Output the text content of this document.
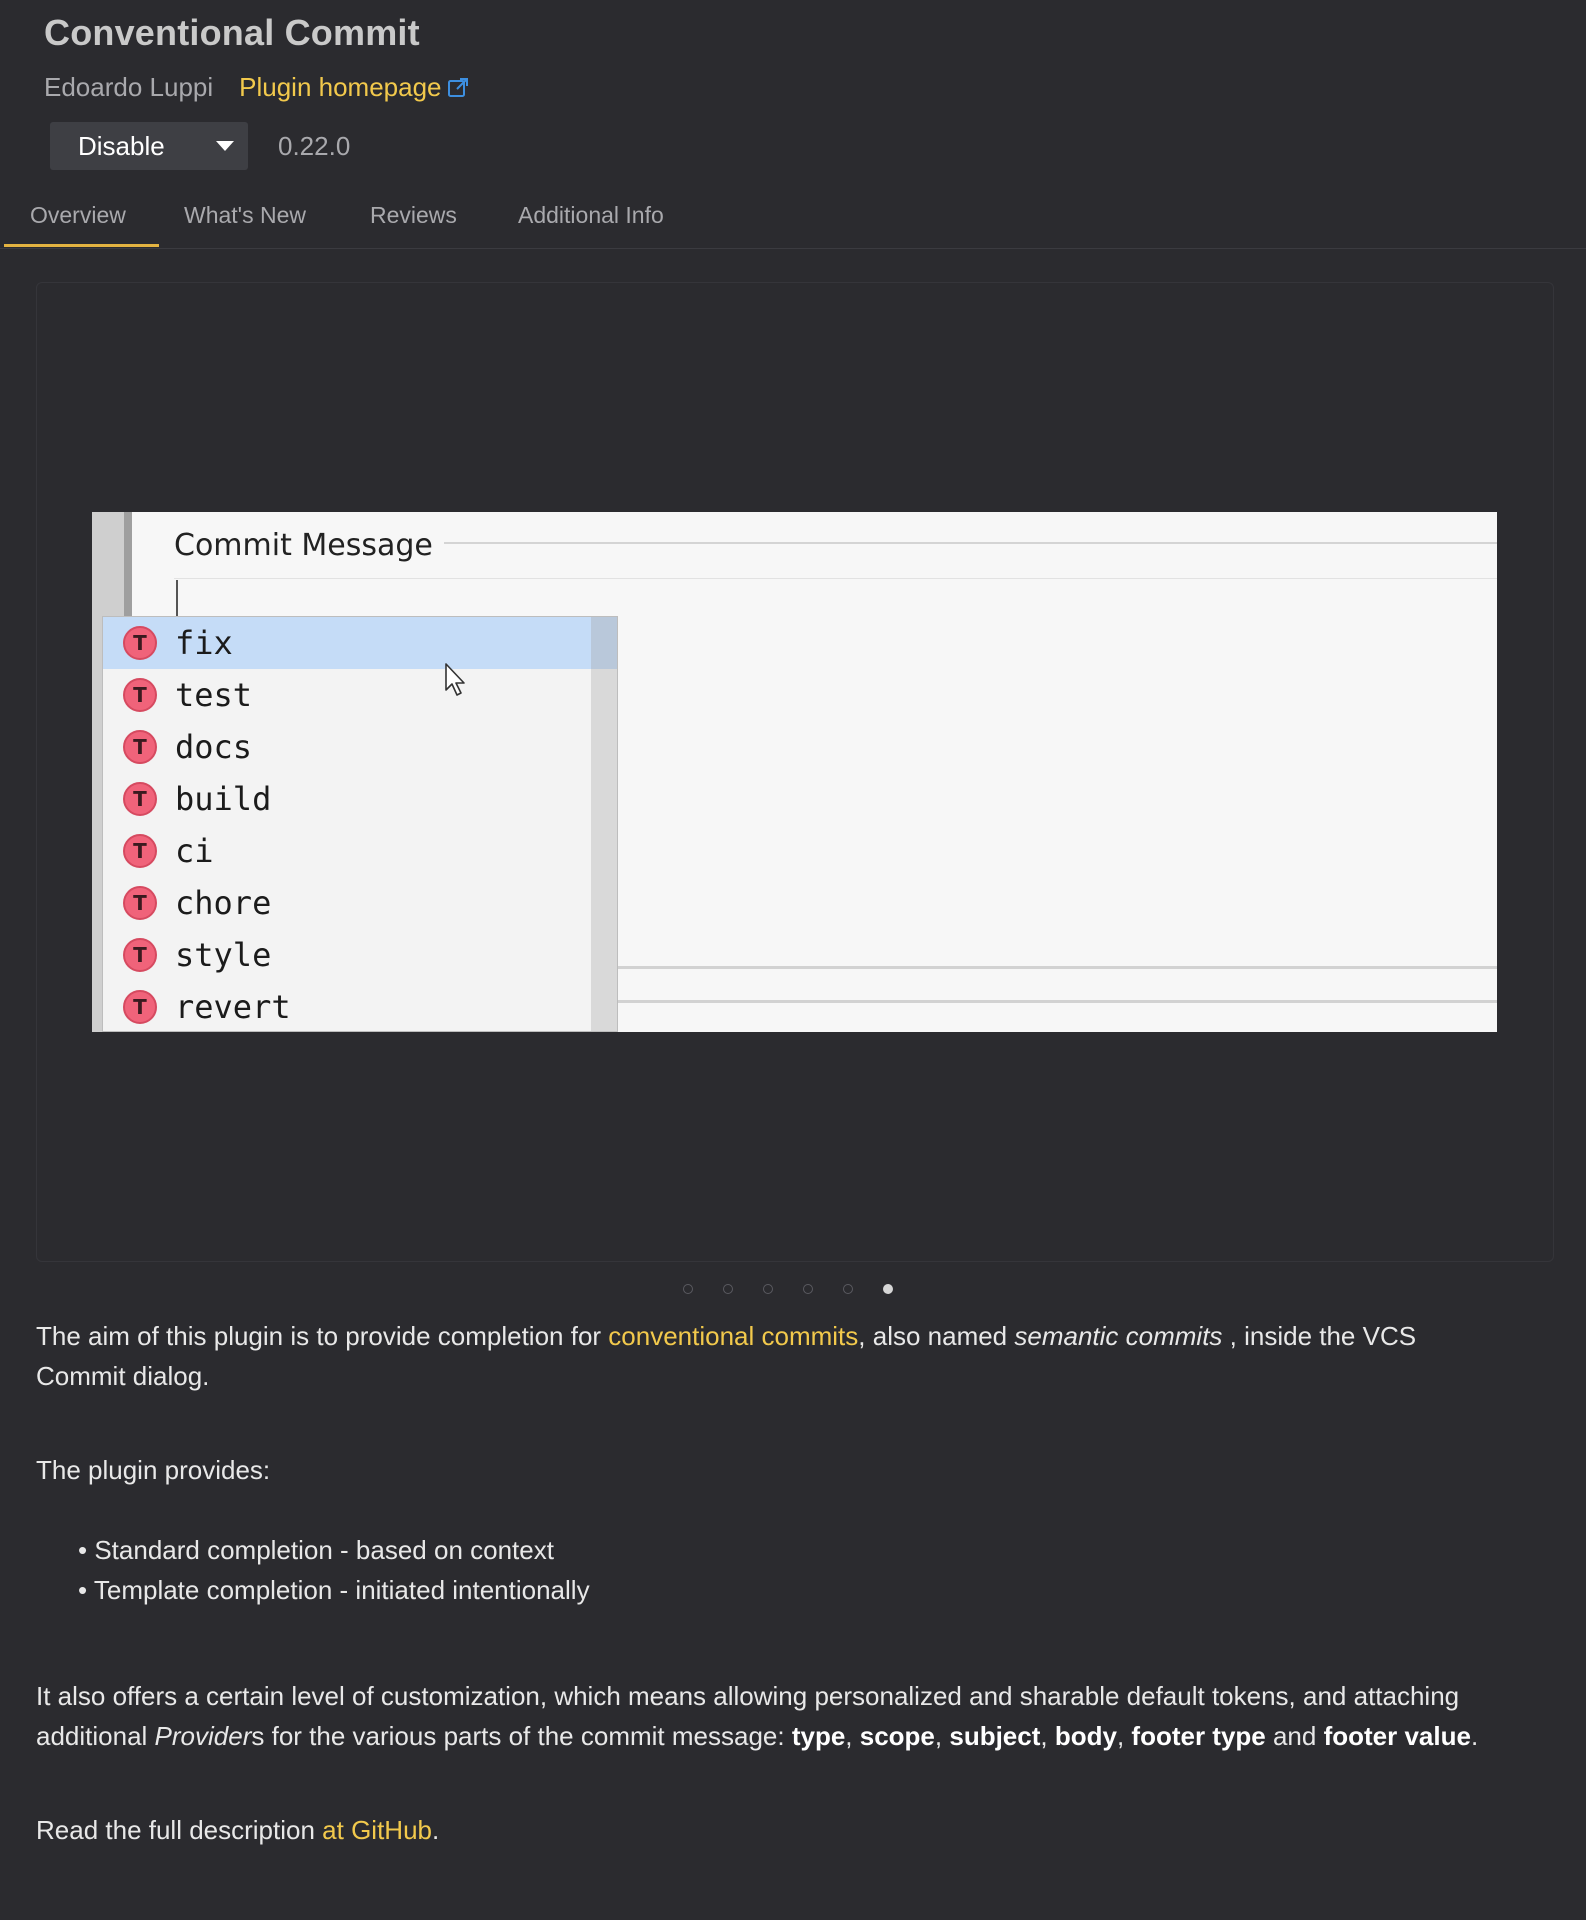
Conventional Commit
Edoardo Luppi Plugin homepage
Disable	0.22.0
Overview	What's New	Reviews	Additional Info
Commit Message
T fix
T test
T docs
T build
T ci
T chore
T style
T revert
The aim of this plugin is to provide completion for conventional commits, also named semantic commits , inside the VCS
Commit dialog.
The plugin provides:
• Standard completion - based on context
• Template completion - initiated intentionally
It also offers a certain level of customization, which means allowing personalized and sharable default tokens, and attaching
additional Providers for the various parts of the commit message: type, scope, subject, body, footer type and footer value.
Read the full description at GitHub.
